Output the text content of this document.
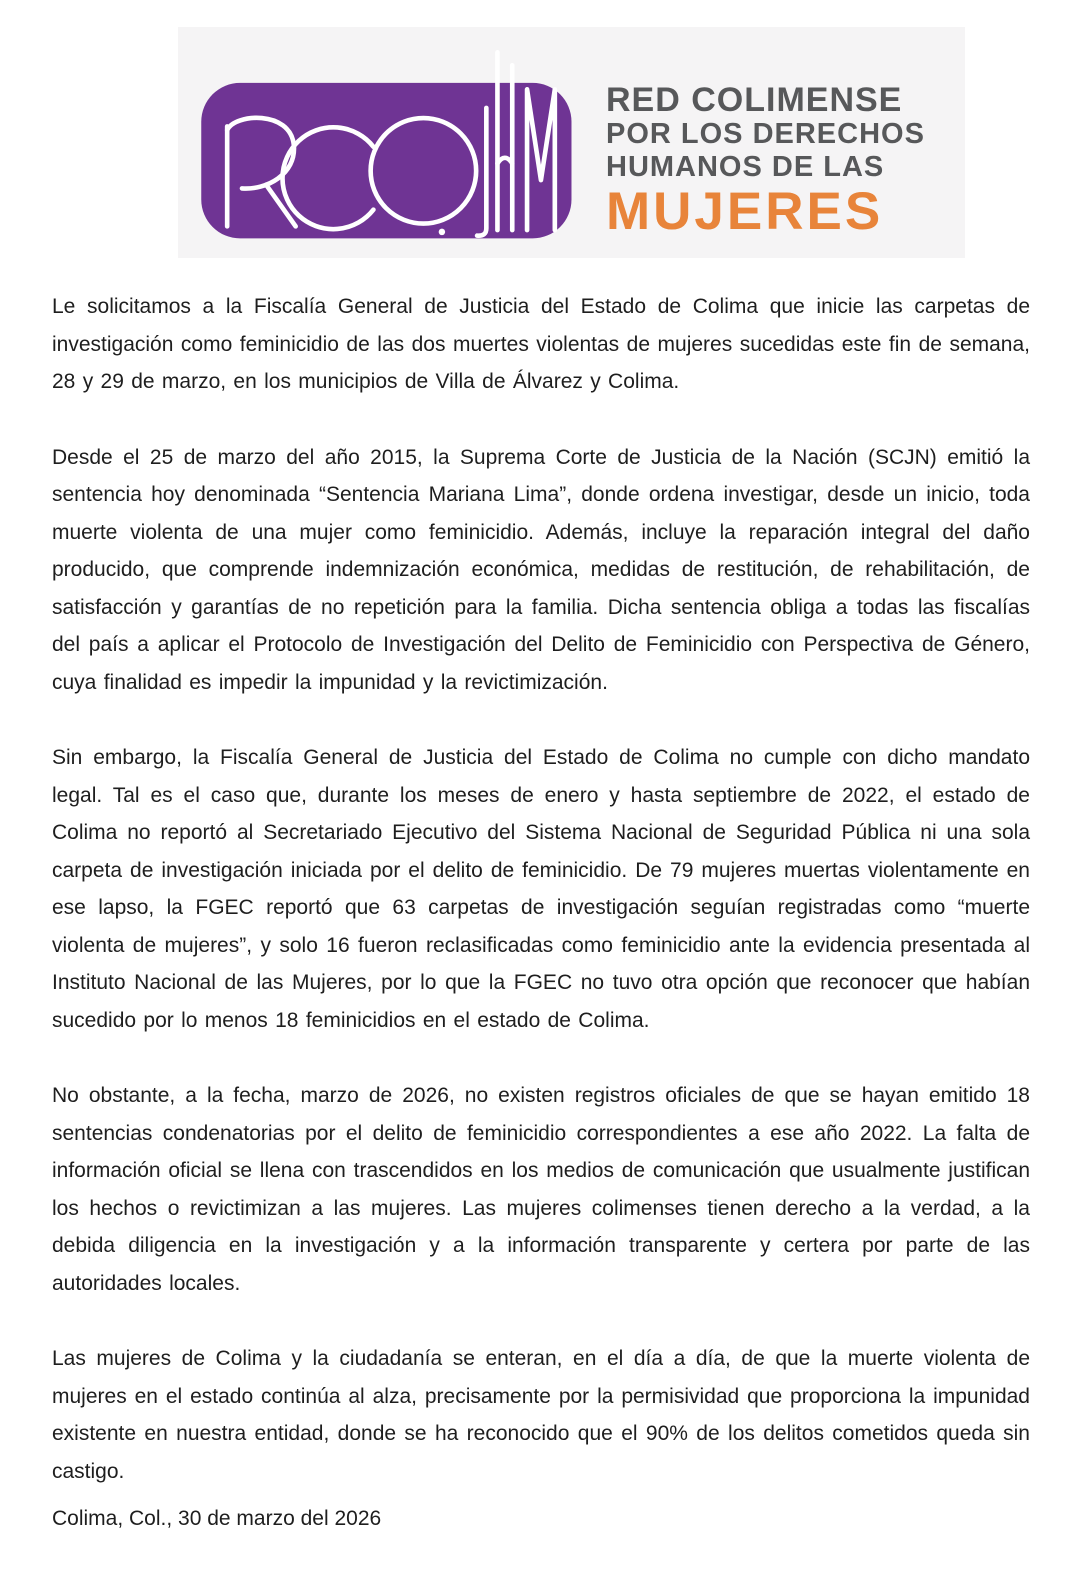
RED COLIMENSE
POR LOS DERECHOS
HUMANOS DE LAS
MUJERES

Le solicitamos a la Fiscalía General de Justicia del Estado de Colima que inicie las carpetas de investigación como feminicidio de las dos muertes violentas de mujeres sucedidas este fin de semana, 28 y 29 de marzo, en los municipios de Villa de Álvarez y Colima.

Desde el 25 de marzo del año 2015, la Suprema Corte de Justicia de la Nación (SCJN) emitió la sentencia hoy denominada “Sentencia Mariana Lima”, donde ordena investigar, desde un inicio, toda muerte violenta de una mujer como feminicidio. Además, incluye la reparación integral del daño producido, que comprende indemnización económica, medidas de restitución, de rehabilitación, de satisfacción y garantías de no repetición para la familia. Dicha sentencia obliga a todas las fiscalías del país a aplicar el Protocolo de Investigación del Delito de Feminicidio con Perspectiva de Género, cuya finalidad es impedir la impunidad y la revictimización.

Sin embargo, la Fiscalía General de Justicia del Estado de Colima no cumple con dicho mandato legal. Tal es el caso que, durante los meses de enero y hasta septiembre de 2022, el estado de Colima no reportó al Secretariado Ejecutivo del Sistema Nacional de Seguridad Pública ni una sola carpeta de investigación iniciada por el delito de feminicidio. De 79 mujeres muertas violentamente en ese lapso, la FGEC reportó que 63 carpetas de investigación seguían registradas como “muerte violenta de mujeres”, y solo 16 fueron reclasificadas como feminicidio ante la evidencia presentada al Instituto Nacional de las Mujeres, por lo que la FGEC no tuvo otra opción que reconocer que habían sucedido por lo menos 18 feminicidios en el estado de Colima.

No obstante, a la fecha, marzo de 2026, no existen registros oficiales de que se hayan emitido 18 sentencias condenatorias por el delito de feminicidio correspondientes a ese año 2022. La falta de información oficial se llena con trascendidos en los medios de comunicación que usualmente justifican los hechos o revictimizan a las mujeres. Las mujeres colimenses tienen derecho a la verdad, a la debida diligencia en la investigación y a la información transparente y certera por parte de las autoridades locales.

Las mujeres de Colima y la ciudadanía se enteran, en el día a día, de que la muerte violenta de mujeres en el estado continúa al alza, precisamente por la permisividad que proporciona la impunidad existente en nuestra entidad, donde se ha reconocido que el 90% de los delitos cometidos queda sin castigo.

Colima, Col., 30 de marzo del 2026
